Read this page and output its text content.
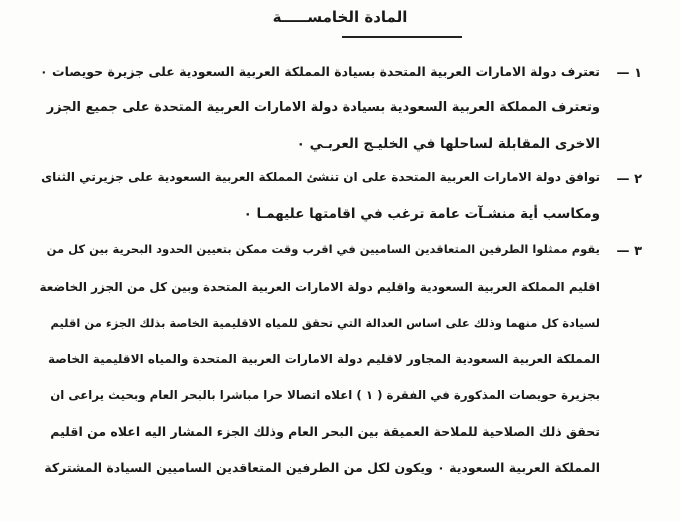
المادة الخامســـــة
١ —
تعترف دولة الامارات العربية المتحدة بسيادة المملكة العربية السعودية على جزيرة حويصات ٠
وتعترف المملكة العربية السعودية بسيادة دولة الامارات العربية المتحدة على جميع الجزر
الاخرى المقابلة لساحلها في الخليـج العربـي ٠
٢ —
توافق دولة الامارات العربية المتحدة على ان تنشئ المملكة العربية السعودية على جزيرتي الثناى
ومكاسب أية منشـآت عامة ترغب في اقامتها عليهمـا ٠
٣ —
يقوم ممثلوا الطرفين المتعاقدين الساميين في اقرب وقت ممكن بتعيين الحدود البحرية بين كل من
اقليم المملكة العربية السعودية واقليم دولة الامارات العربية المتحدة وبين كل من الجزر الخاضعة
لسيادة كل منهما وذلك على اساس العدالة التي تحقق للمياه الاقليمية الخاصة بذلك الجزء من اقليم
المملكة العربية السعودية المجاور لاقليم دولة الامارات العربية المتحدة والمياه الاقليمية الخاصة
بجزيرة حويصات المذكورة في الفقرة ( ١ ) اعلاه اتصالا حرا مباشرا بالبحر العام وبحيث يراعى ان
تحقق ذلك الصلاحية للملاحة العميقة بين البحر العام وذلك الجزء المشار اليه اعلاه من اقليم
المملكة العربية السعودية ٠ ويكون لكل من الطرفين المتعاقدين الساميين السيادة المشتركة
